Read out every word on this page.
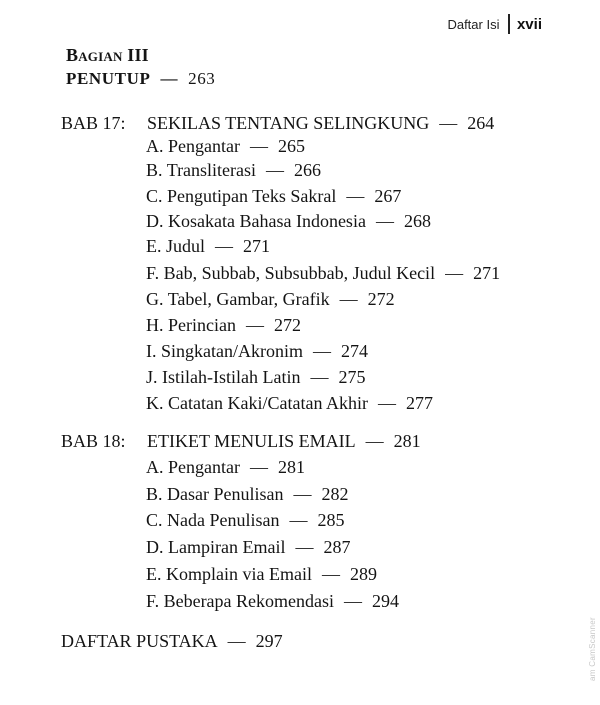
Daftar Isi xvii
Bagian III
PENUTUP — 263
BAB 17: SEKILAS TENTANG SELINGKUNG — 264
A. Pengantar — 265
B. Transliterasi — 266
C. Pengutipan Teks Sakral — 267
D. Kosakata Bahasa Indonesia — 268
E. Judul — 271
F. Bab, Subbab, Subsubbab, Judul Kecil — 271
G. Tabel, Gambar, Grafik — 272
H. Perincian — 272
I. Singkatan/Akronim — 274
J. Istilah-Istilah Latin — 275
K. Catatan Kaki/Catatan Akhir — 277
BAB 18: ETIKET MENULIS EMAIL — 281
A. Pengantar — 281
B. Dasar Penulisan — 282
C. Nada Penulisan — 285
D. Lampiran Email — 287
E. Komplain via Email — 289
F. Beberapa Rekomendasi — 294
DAFTAR PUSTAKA — 297	am CamScanner
